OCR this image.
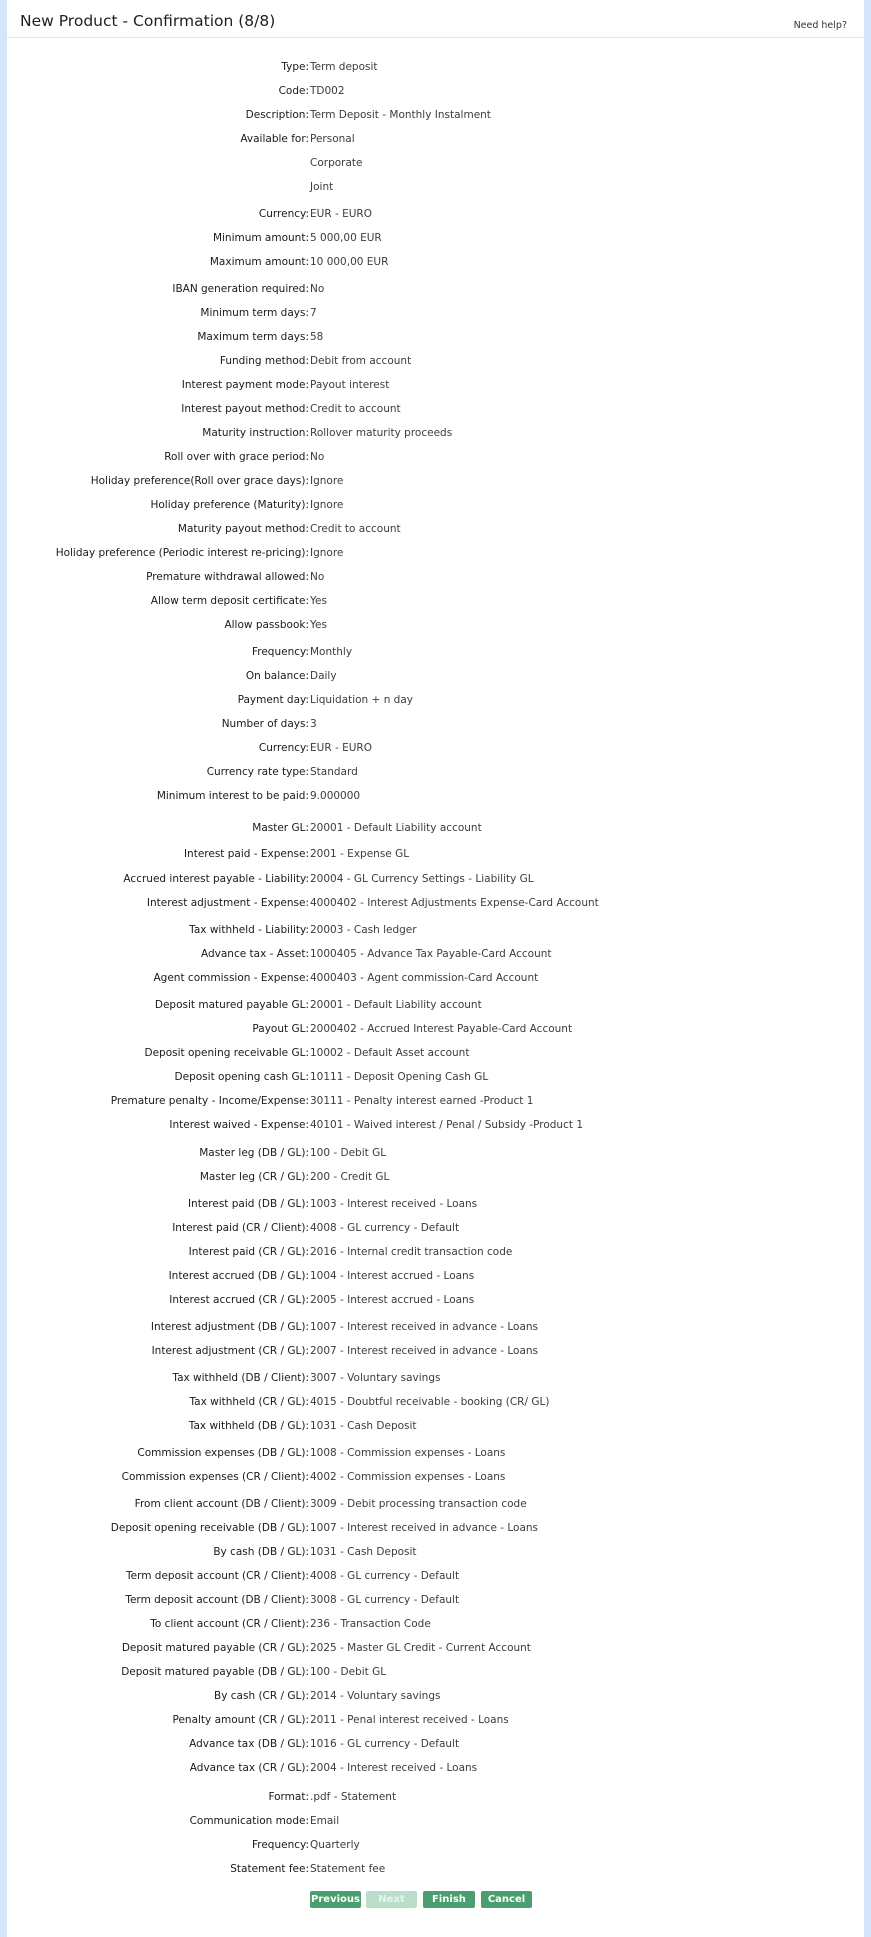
New Product - Confirmation (8/8)	Need help?
Type: Term deposit
Code: TD002
Description: Term Deposit - Monthly Instalment
Available for: Personal
Corporate
Joint
Currency: EUR - EURO
Minimum amount: 5 000,00 EUR
Maximum amount: 10 000,00 EUR
IBAN generation required: No
Minimum term days: 7
Maximum term days: 58
Funding method: Debit from account
Interest payment mode: Payout interest
Interest payout method: Credit to account
Maturity instruction: Rollover maturity proceeds
Roll over with grace period: No
Holiday preference(Roll over grace days): Ignore
Holiday preference (Maturity): Ignore
Maturity payout method: Credit to account
Holiday preference (Periodic interest re-pricing): Ignore
Premature withdrawal allowed: No
Allow term deposit certificate: Yes
Allow passbook: Yes
Frequency: Monthly
On balance: Daily
Payment day: Liquidation + n day
Number of days: 3
Currency: EUR - EURO
Currency rate type: Standard
Minimum interest to be paid: 9.000000
Master GL: 20001 - Default Liability account
Interest paid - Expense: 2001 - Expense GL
Accrued interest payable - Liability: 20004 - GL Currency Settings - Liability GL
Interest adjustment - Expense: 4000402 - Interest Adjustments Expense-Card Account
Tax withheld - Liability: 20003 - Cash ledger
Advance tax - Asset: 1000405 - Advance Tax Payable-Card Account
Agent commission - Expense: 4000403 - Agent commission-Card Account
Deposit matured payable GL: 20001 - Default Liability account
Payout GL: 2000402 - Accrued Interest Payable-Card Account
Deposit opening receivable GL: 10002 - Default Asset account
Deposit opening cash GL: 10111 - Deposit Opening Cash GL
Premature penalty - Income/Expense: 30111 - Penalty interest earned -Product 1
Interest waived - Expense: 40101 - Waived interest / Penal / Subsidy -Product 1
Master leg (DB / GL): 100 - Debit GL
Master leg (CR / GL): 200 - Credit GL
Interest paid (DB / GL): 1003 - Interest received - Loans
Interest paid (CR / Client): 4008 - GL currency - Default
Interest paid (CR / GL): 2016 - Internal credit transaction code
Interest accrued (DB / GL): 1004 - Interest accrued - Loans
Interest accrued (CR / GL): 2005 - Interest accrued - Loans
Interest adjustment (DB / GL): 1007 - Interest received in advance - Loans
Interest adjustment (CR / GL): 2007 - Interest received in advance - Loans
Tax withheld (DB / Client): 3007 - Voluntary savings
Tax withheld (CR / GL): 4015 - Doubtful receivable - booking (CR/ GL)
Tax withheld (DB / GL): 1031 - Cash Deposit
Commission expenses (DB / GL): 1008 - Commission expenses - Loans
Commission expenses (CR / Client): 4002 - Commission expenses - Loans
From client account (DB / Client): 3009 - Debit processing transaction code
Deposit opening receivable (DB / GL): 1007 - Interest received in advance - Loans
By cash (DB / GL): 1031 - Cash Deposit
Term deposit account (CR / Client): 4008 - GL currency - Default
Term deposit account (DB / Client): 3008 - GL currency - Default
To client account (CR / Client): 236 - Transaction Code
Deposit matured payable (CR / GL): 2025 - Master GL Credit - Current Account
Deposit matured payable (DB / GL): 100 - Debit GL
By cash (CR / GL): 2014 - Voluntary savings
Penalty amount (CR / GL): 2011 - Penal interest received - Loans
Advance tax (DB / GL): 1016 - GL currency - Default
Advance tax (CR / GL): 2004 - Interest received - Loans
Format: .pdf - Statement
Communication mode: Email
Frequency: Quarterly
Statement fee: Statement fee
Previous	Next	Finish	Cancel
